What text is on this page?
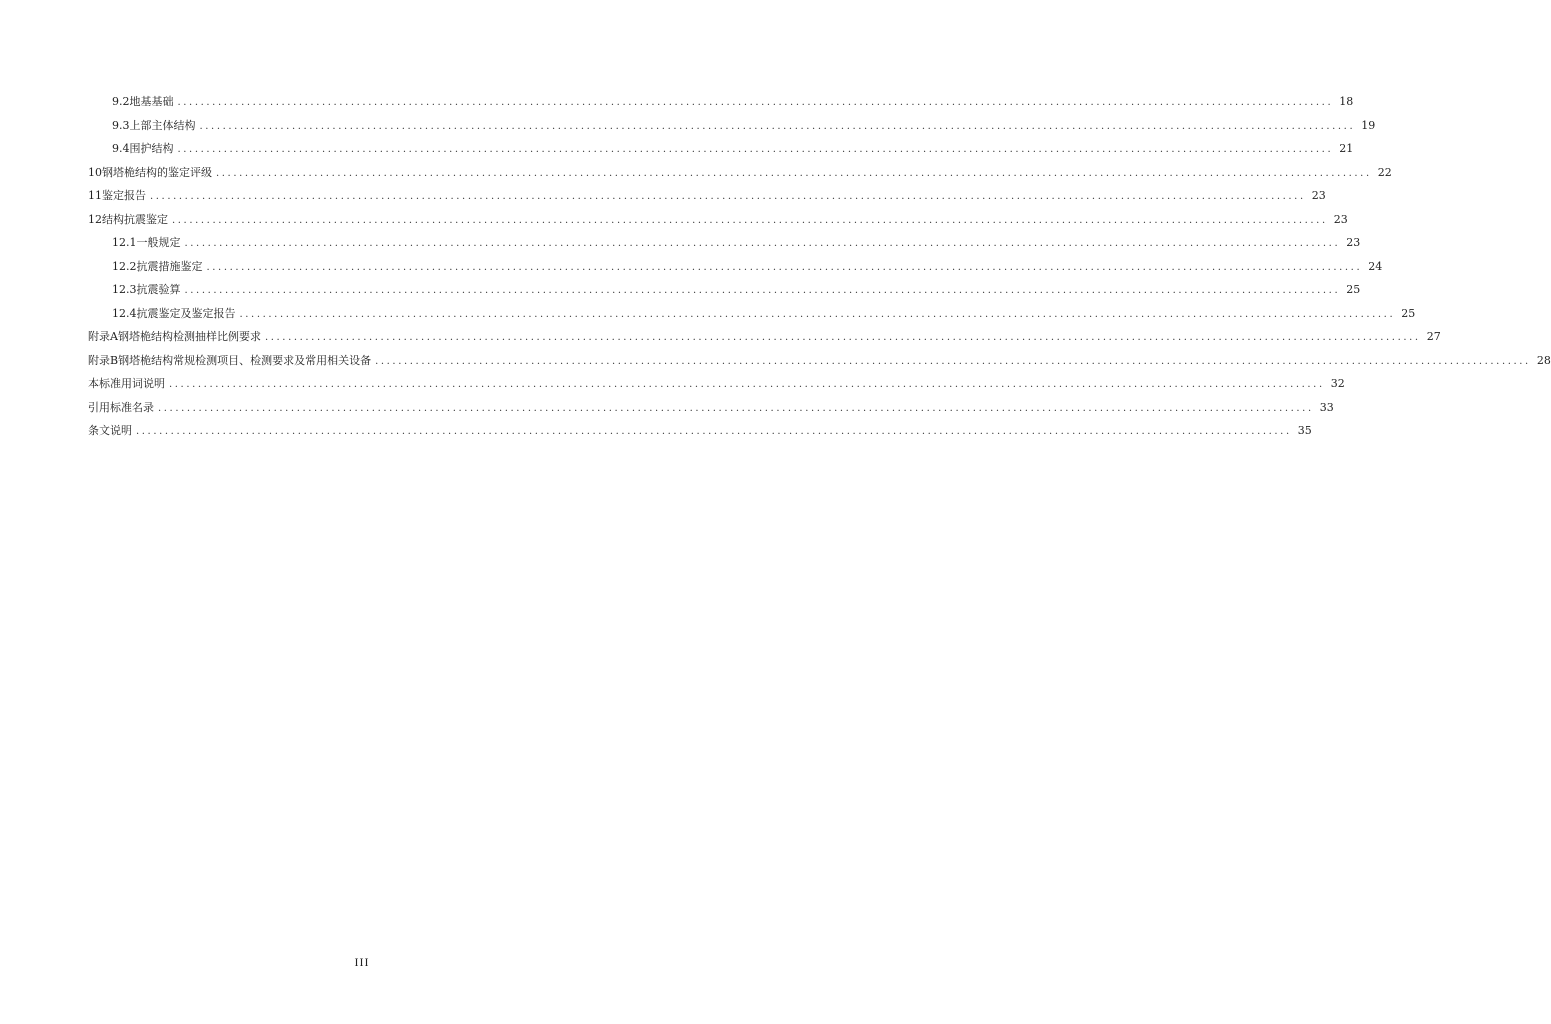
9.2 地基基础 ........................................................................................................................................................................................................ 18
9.3 上部主体结构 ........................................................................................................................................................................................................ 19
9.4 围护结构 ........................................................................................................................................................................................................ 21
10 钢塔桅结构的鉴定评级 ........................................................................................................................................................................................................ 22
11 鉴定报告 ........................................................................................................................................................................................................ 23
12 结构抗震鉴定 ........................................................................................................................................................................................................ 23
12.1 一般规定 ........................................................................................................................................................................................................ 23
12.2 抗震措施鉴定 ........................................................................................................................................................................................................ 24
12.3 抗震验算 ........................................................................................................................................................................................................ 25
12.4 抗震鉴定及鉴定报告 ........................................................................................................................................................................................................ 25
附录A 钢塔桅结构检测抽样比例要求 ........................................................................................................................................................................................................ 27
附录B 钢塔桅结构常规检测项目、检测要求及常用相关设备 ........................................................................................................................................................................................................ 28
本标准用词说明 ........................................................................................................................................................................................................ 32
引用标准名录 ........................................................................................................................................................................................................ 33
条文说明 ........................................................................................................................................................................................................ 35
III
